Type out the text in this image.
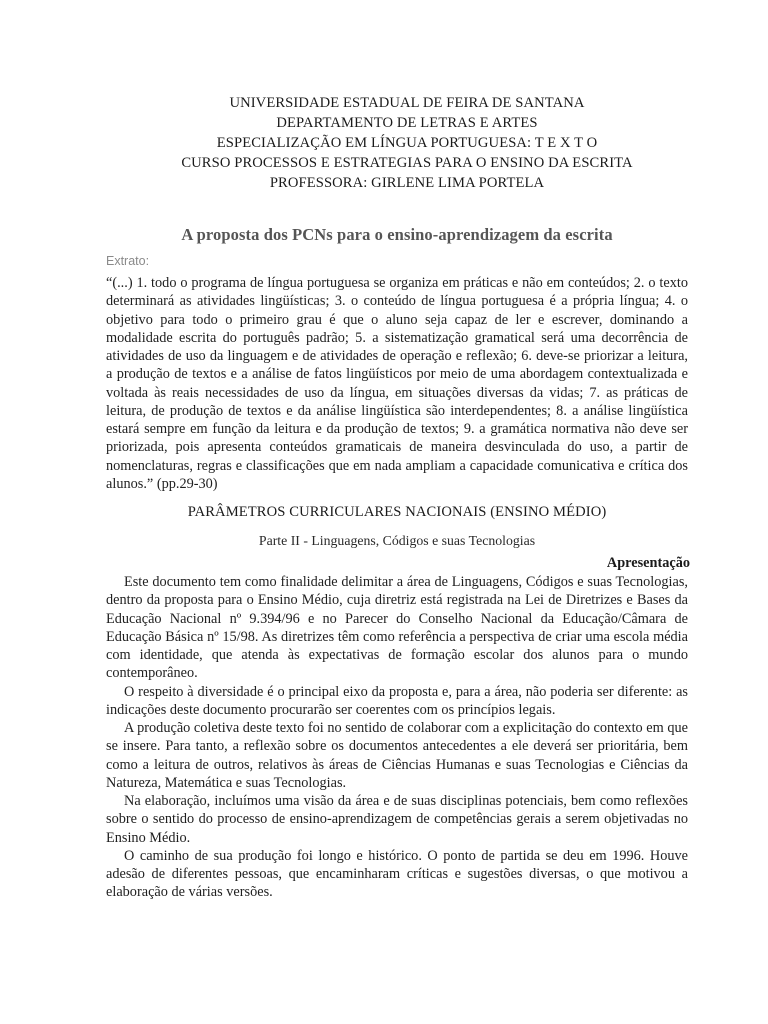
UNIVERSIDADE ESTADUAL DE FEIRA DE SANTANA
DEPARTAMENTO DE LETRAS E ARTES
ESPECIALIZAÇÃO EM LÍNGUA PORTUGUESA: T E X T O
CURSO PROCESSOS E ESTRATEGIAS PARA O ENSINO DA ESCRITA
PROFESSORA: GIRLENE LIMA PORTELA
A proposta dos PCNs para o ensino-aprendizagem da escrita
Extrato:
“(...) 1. todo o programa de língua portuguesa se organiza em práticas e não em conteúdos; 2. o texto determinará as atividades lingüísticas; 3. o conteúdo de língua portuguesa é a própria língua; 4. o objetivo para todo o primeiro grau é que o aluno seja capaz de ler e escrever, dominando a modalidade escrita do português padrão; 5. a sistematização gramatical será uma decorrência de atividades de uso da linguagem e de atividades de operação e reflexão; 6. deve-se priorizar a leitura, a produção de textos e a análise de fatos lingüísticos por meio de uma abordagem contextualizada e voltada às reais necessidades de uso da língua, em situações diversas da vidas; 7. as práticas de leitura, de produção de textos e da análise lingüística são interdependentes; 8. a análise lingüística estará sempre em função da leitura e da produção de textos; 9. a gramática normativa não deve ser priorizada, pois apresenta conteúdos gramaticais de maneira desvinculada do uso, a partir de nomenclaturas, regras e classificações que em nada ampliam a capacidade comunicativa e crítica dos alunos.” (pp.29-30)
PARÂMETROS CURRICULARES NACIONAIS (ENSINO MÉDIO)
Parte II - Linguagens, Códigos e suas Tecnologias
Apresentação

Este documento tem como finalidade delimitar a área de Linguagens, Códigos e suas Tecnologias, dentro da proposta para o Ensino Médio, cuja diretriz está registrada na Lei de Diretrizes e Bases da Educação Nacional nº 9.394/96 e no Parecer do Conselho Nacional da Educação/Câmara de Educação Básica nº 15/98. As diretrizes têm como referência a perspectiva de criar uma escola média com identidade, que atenda às expectativas de formação escolar dos alunos para o mundo contemporâneo.

O respeito à diversidade é o principal eixo da proposta e, para a área, não poderia ser diferente: as indicações deste documento procurarão ser coerentes com os princípios legais.

A produção coletiva deste texto foi no sentido de colaborar com a explicitação do contexto em que se insere. Para tanto, a reflexão sobre os documentos antecedentes a ele deverá ser prioritária, bem como a leitura de outros, relativos às áreas de Ciências Humanas e suas Tecnologias e Ciências da Natureza, Matemática e suas Tecnologias.

Na elaboração, incluímos uma visão da área e de suas disciplinas potenciais, bem como reflexões sobre o sentido do processo de ensino-aprendizagem de competências gerais a serem objetivadas no Ensino Médio.

O caminho de sua produção foi longo e histórico. O ponto de partida se deu em 1996. Houve adesão de diferentes pessoas, que encaminharam críticas e sugestões diversas, o que motivou a elaboração de várias versões.
